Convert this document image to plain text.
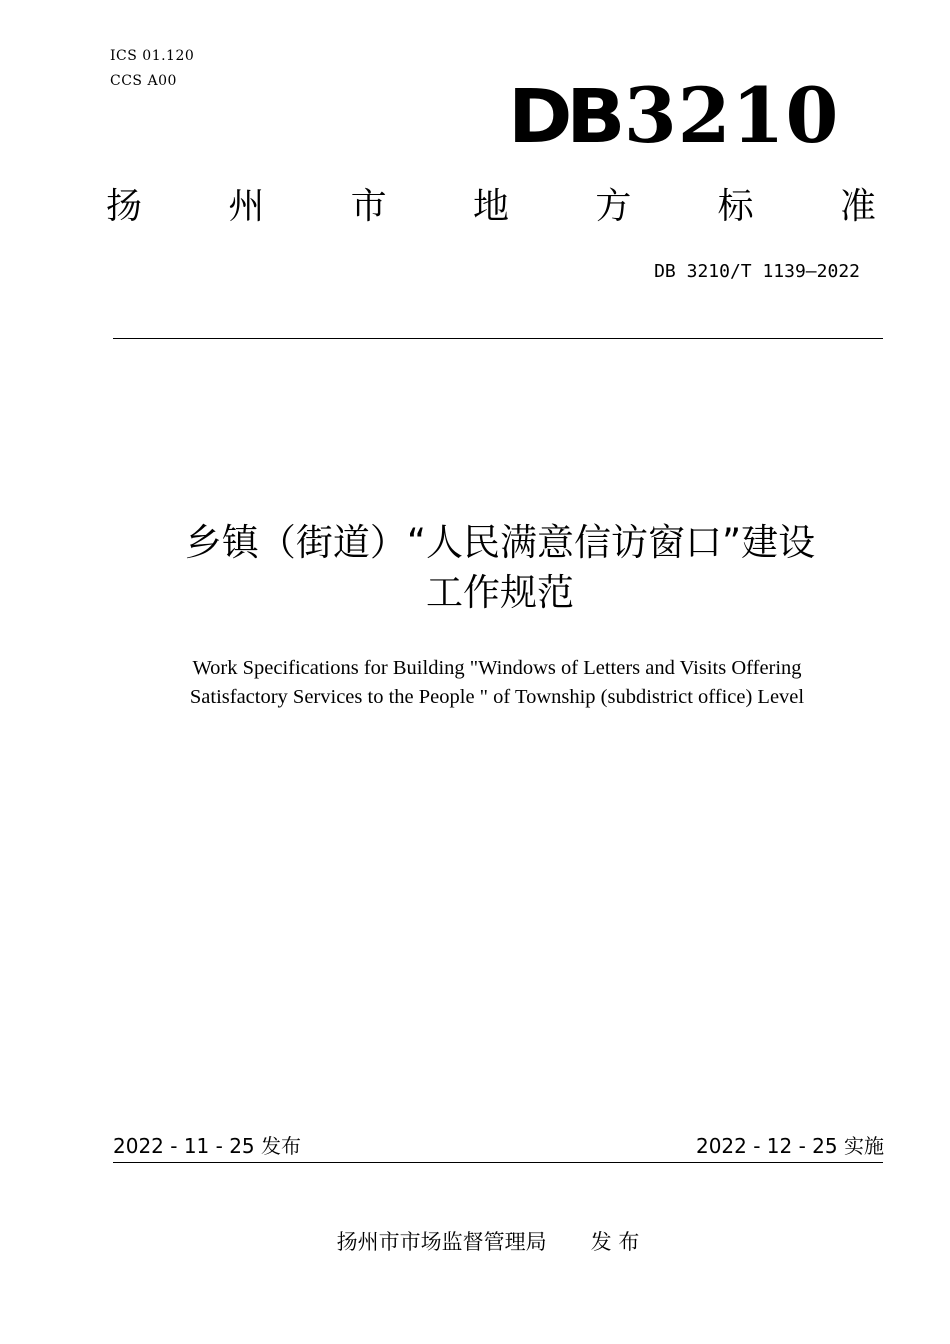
ICS 01.120
CCS A00	DB3210
扬 州 市 地 方 标 准
DB 3210/T 1139—2022
乡镇（街道）“人民满意信访窗口”建设
工作规范
Work Specifications for Building "Windows of Letters and Visits Offering
Satisfactory Services to the People " of Township (subdistrict office) Level
2022 - 11 - 25 发布	2022 - 12 - 25 实施
扬州市市场监督管理局 发 布
